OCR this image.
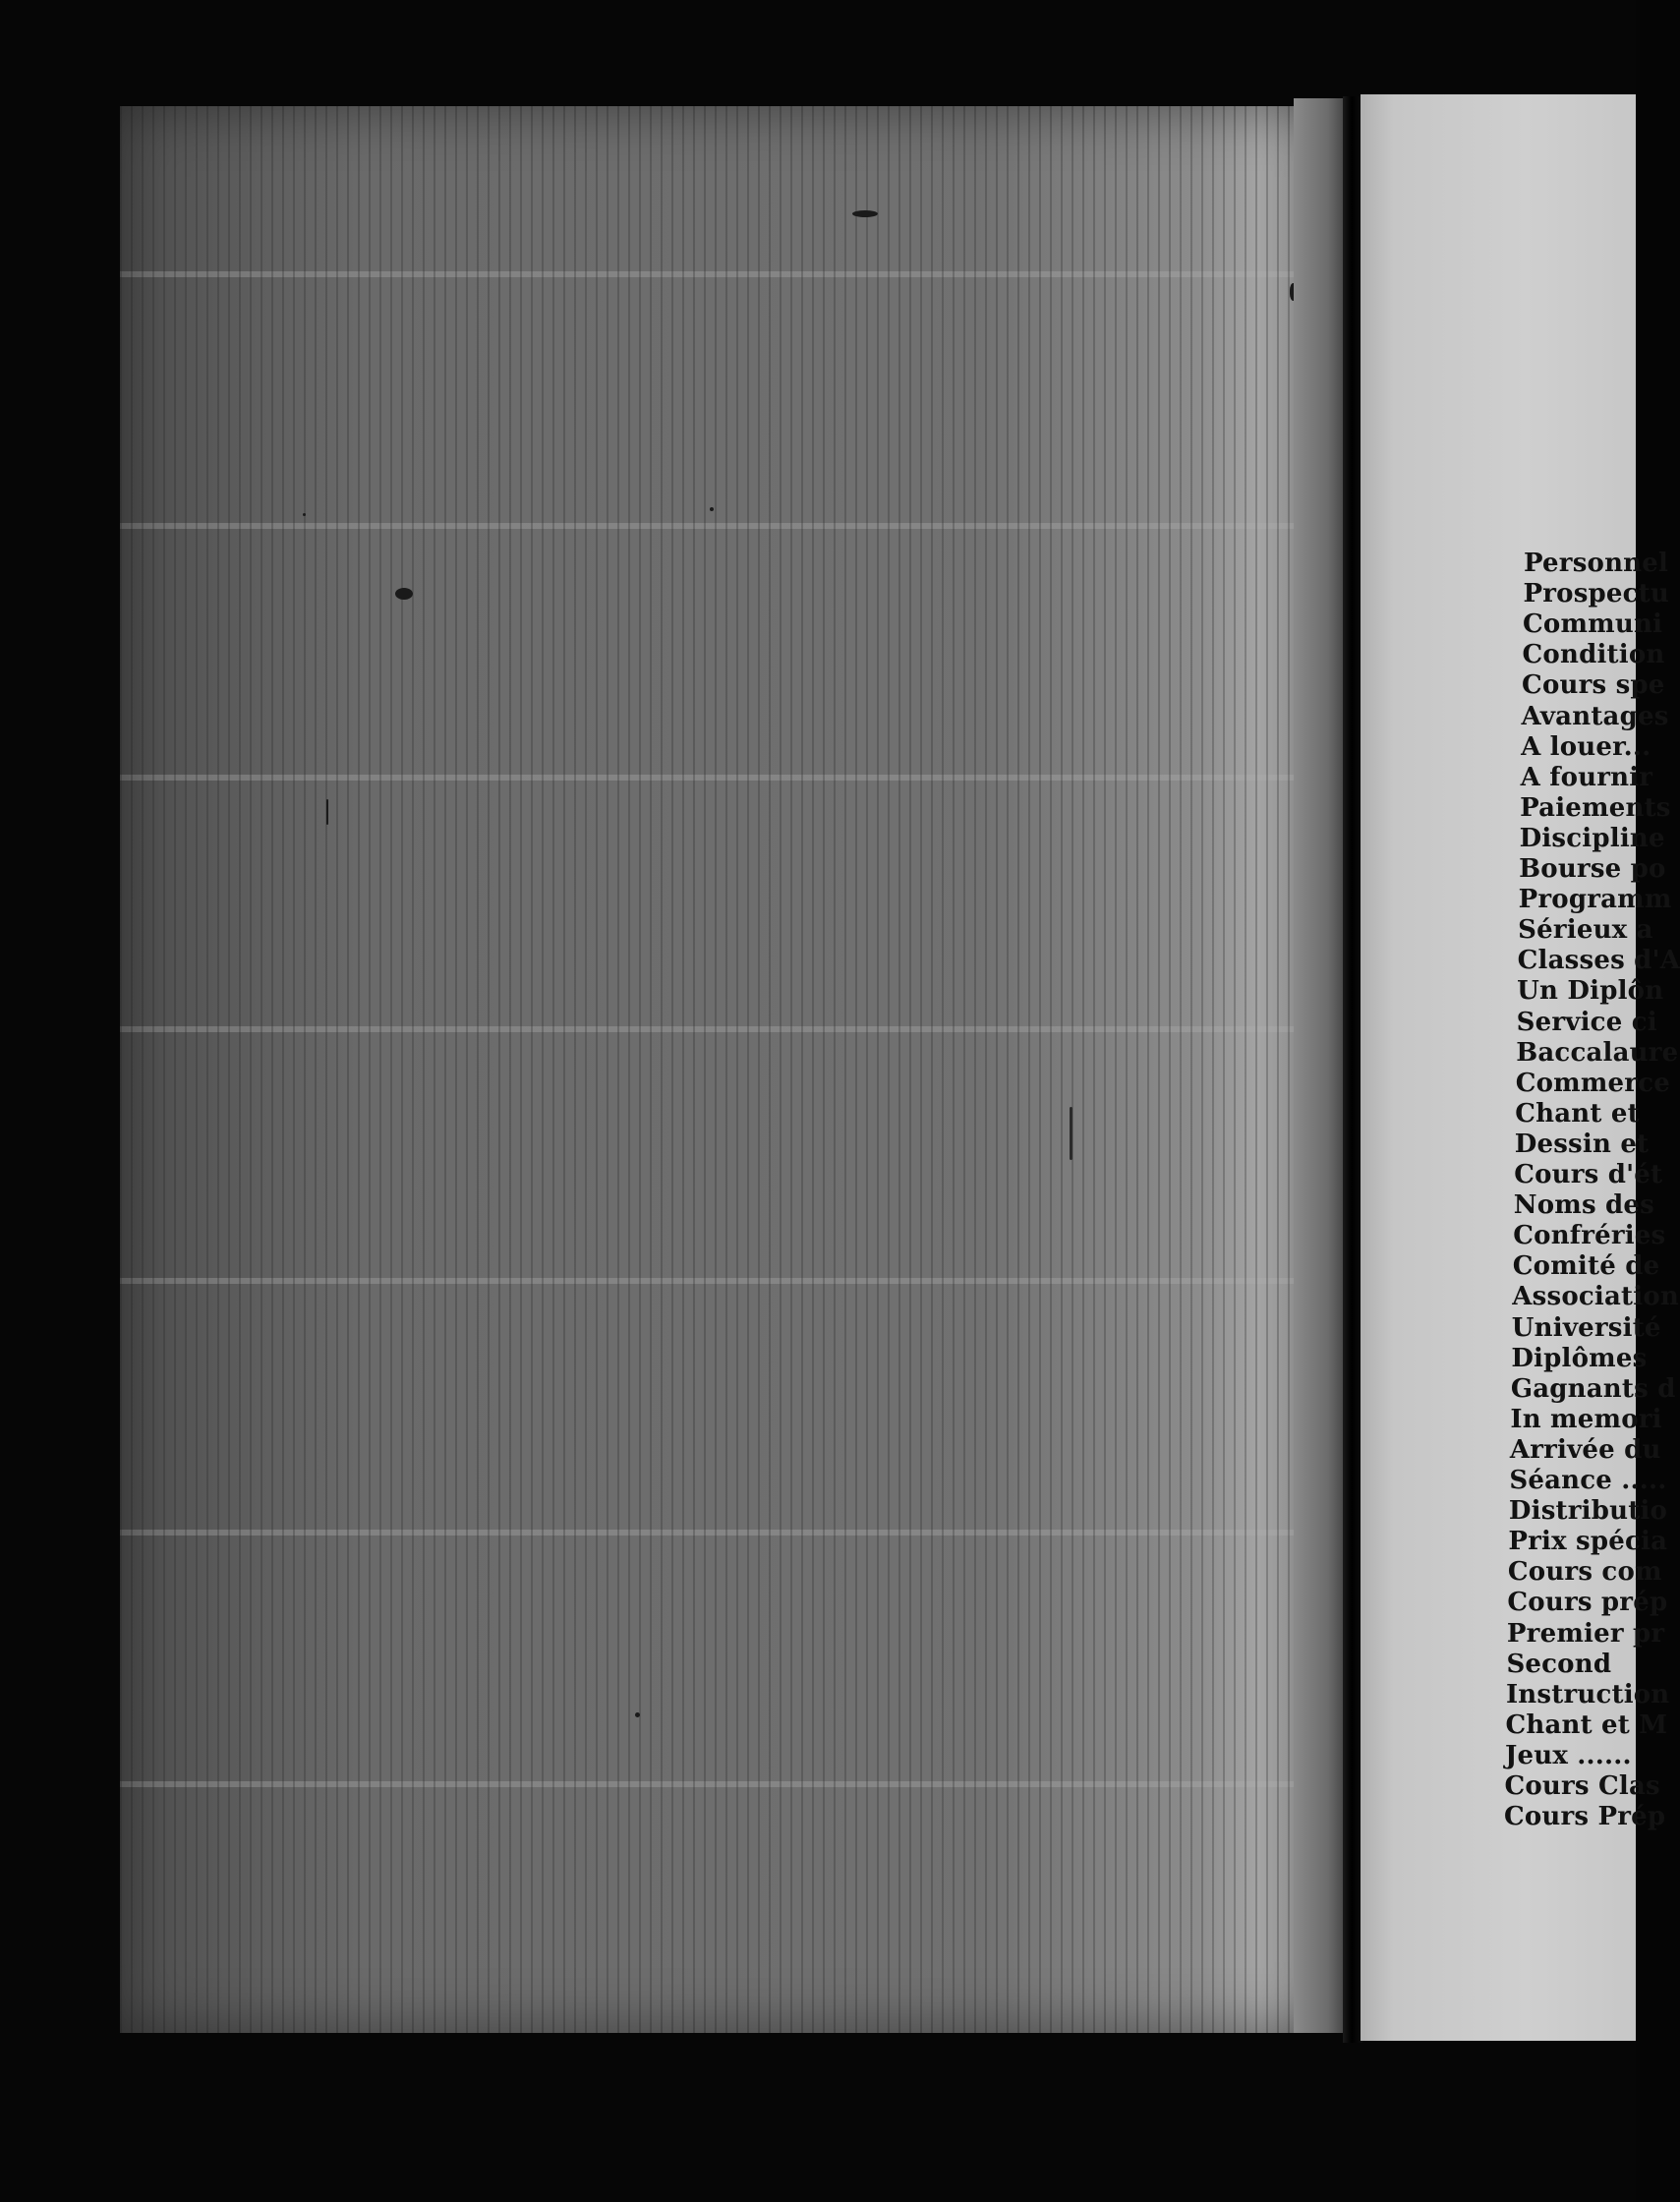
Personnel
Prospectu
Communi
Condition
Cours spe
Avantages
A louer...
A fournir
Paiements
Discipline
Bourse po
Programm
Sérieux a
Classes d'A
Un Diplôn
Service ci
Baccalaure
Commerce
Chant et
Dessin et
Cours d'ét
Noms des
Confréries
Comité de
Association
Université
Diplômes
Gagnants d
In memori
Arrivée du
Séance .....
Distributio
Prix spécia
Cours com
Cours prép
Premier pr
Second
Instruction
Chant et M
Jeux ......
Cours Clas
Cours Prép
